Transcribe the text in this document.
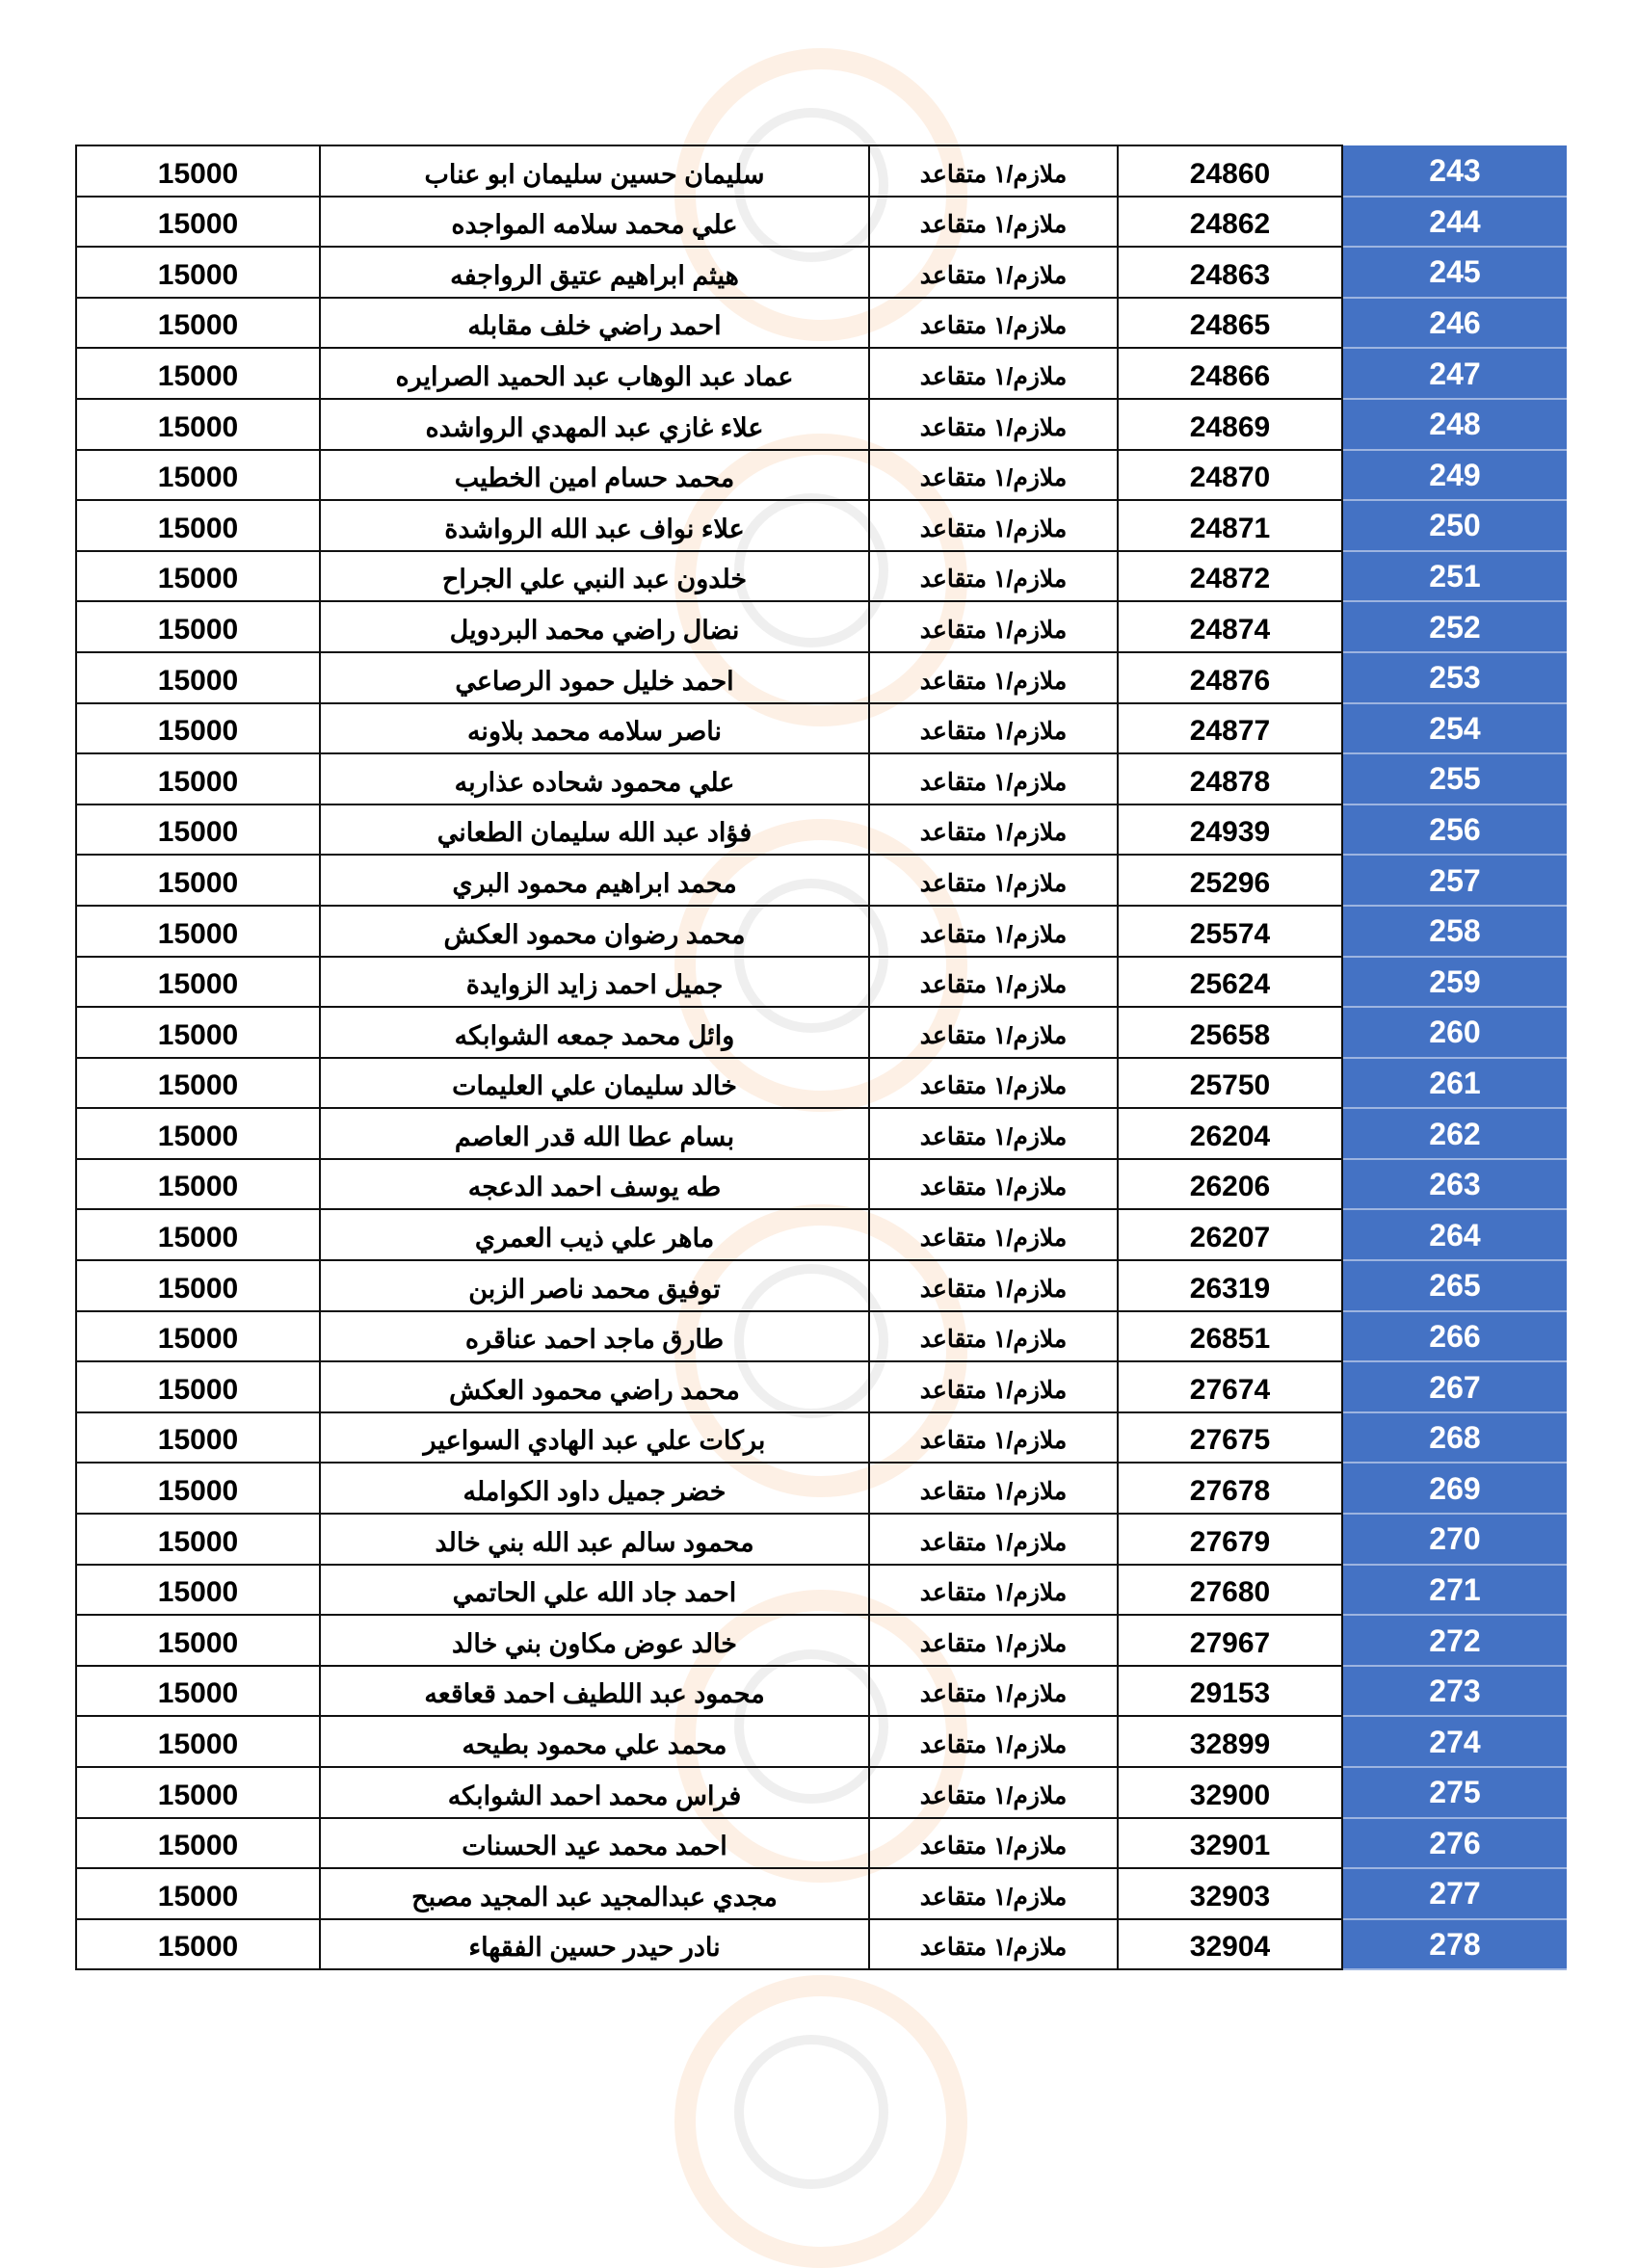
15000	سليمان حسين سليمان ابو عناب	ملازم/١ متقاعد	24860	243
15000	علي محمد سلامه المواجده	ملازم/١ متقاعد	24862	244
15000	هيثم ابراهيم عتيق الرواجفه	ملازم/١ متقاعد	24863	245
15000	احمد راضي خلف مقابله	ملازم/١ متقاعد	24865	246
15000	عماد عبد الوهاب عبد الحميد الصرايره	ملازم/١ متقاعد	24866	247
15000	علاء غازي عبد المهدي الرواشده	ملازم/١ متقاعد	24869	248
15000	محمد حسام امين الخطيب	ملازم/١ متقاعد	24870	249
15000	علاء نواف عبد الله الرواشدة	ملازم/١ متقاعد	24871	250
15000	خلدون عبد النبي علي الجراح	ملازم/١ متقاعد	24872	251
15000	نضال راضي محمد البردويل	ملازم/١ متقاعد	24874	252
15000	احمد خليل حمود الرصاعي	ملازم/١ متقاعد	24876	253
15000	ناصر سلامه محمد بلاونه	ملازم/١ متقاعد	24877	254
15000	علي محمود شحاده عذاربه	ملازم/١ متقاعد	24878	255
15000	فؤاد عبد الله سليمان الطعاني	ملازم/١ متقاعد	24939	256
15000	محمد ابراهيم محمود البري	ملازم/١ متقاعد	25296	257
15000	محمد رضوان محمود العكش	ملازم/١ متقاعد	25574	258
15000	جميل احمد زايد الزوايدة	ملازم/١ متقاعد	25624	259
15000	وائل محمد جمعه الشوابكه	ملازم/١ متقاعد	25658	260
15000	خالد سليمان علي العليمات	ملازم/١ متقاعد	25750	261
15000	بسام عطا الله قدر العاصم	ملازم/١ متقاعد	26204	262
15000	طه يوسف احمد الدعجه	ملازم/١ متقاعد	26206	263
15000	ماهر علي ذيب العمري	ملازم/١ متقاعد	26207	264
15000	توفيق محمد ناصر الزبن	ملازم/١ متقاعد	26319	265
15000	طارق ماجد احمد عناقره	ملازم/١ متقاعد	26851	266
15000	محمد راضي محمود العكش	ملازم/١ متقاعد	27674	267
15000	بركات علي عبد الهادي السواعير	ملازم/١ متقاعد	27675	268
15000	خضر جميل داود الكوامله	ملازم/١ متقاعد	27678	269
15000	محمود سالم عبد الله بني خالد	ملازم/١ متقاعد	27679	270
15000	احمد جاد الله علي الحاتمي	ملازم/١ متقاعد	27680	271
15000	خالد عوض مكاون بني خالد	ملازم/١ متقاعد	27967	272
15000	محمود عبد اللطيف احمد قعاقعه	ملازم/١ متقاعد	29153	273
15000	محمد علي محمود بطيحه	ملازم/١ متقاعد	32899	274
15000	فراس محمد احمد الشوابكه	ملازم/١ متقاعد	32900	275
15000	احمد محمد عيد الحسنات	ملازم/١ متقاعد	32901	276
15000	مجدي عبدالمجيد عبد المجيد مصبح	ملازم/١ متقاعد	32903	277
15000	نادر حيدر حسين الفقهاء	ملازم/١ متقاعد	32904	278
